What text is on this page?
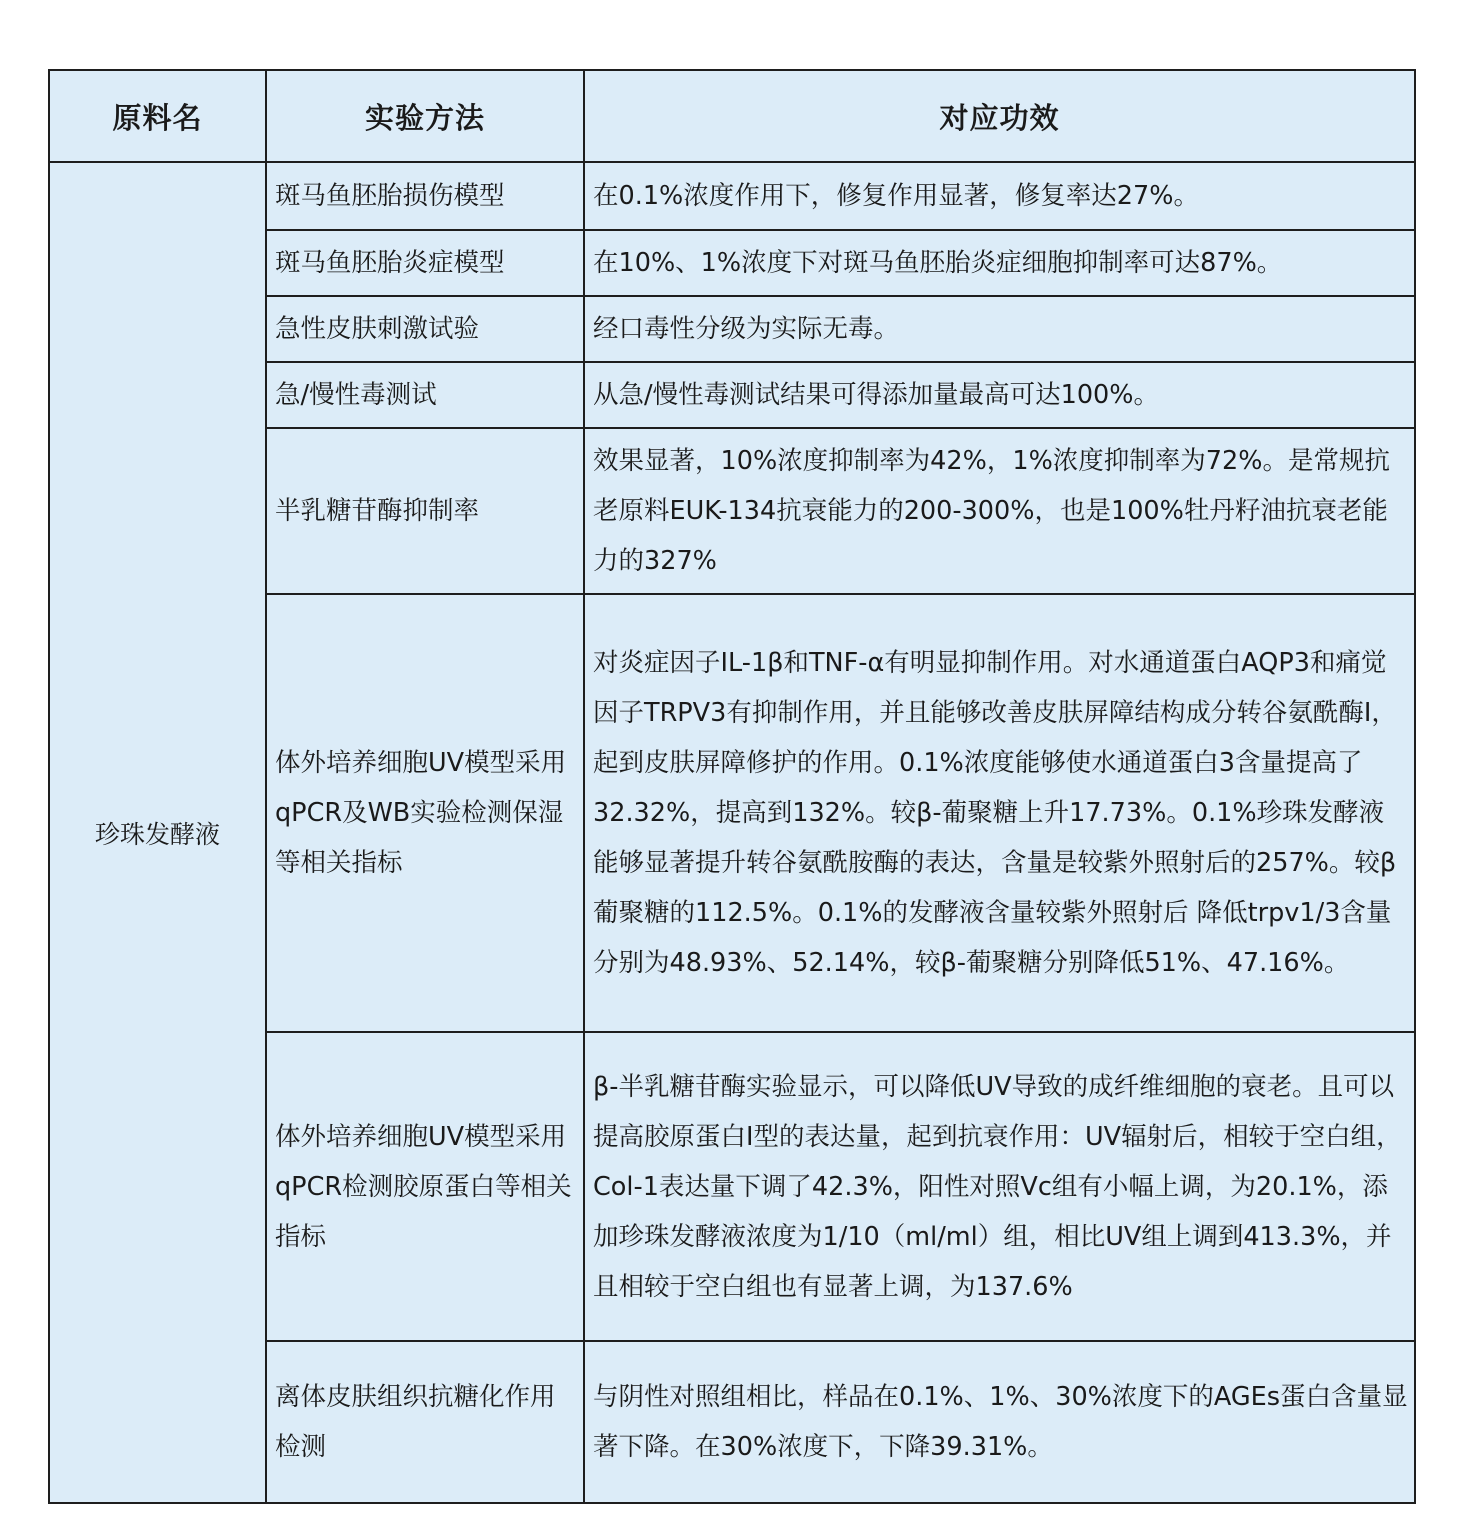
原料名	实验方法	对应功效
珍珠发酵液	斑马鱼胚胎损伤模型	在0.1%浓度作用下，修复作用显著，修复率达27%。
	斑马鱼胚胎炎症模型	在10%、1%浓度下对斑马鱼胚胎炎症细胞抑制率可达87%。
	急性皮肤刺激试验	经口毒性分级为实际无毒。
	急/慢性毒测试	从急/慢性毒测试结果可得添加量最高可达100%。
	半乳糖苷酶抑制率	效果显著，10%浓度抑制率为42%，1%浓度抑制率为72%。是常规抗老原料EUK-134抗衰能力的200-300%，也是100%牡丹籽油抗衰老能力的327%
	体外培养细胞UV模型采用qPCR及WB实验检测保湿等相关指标	对炎症因子IL-1β和TNF-α有明显抑制作用。对水通道蛋白AQP3和痛觉因子TRPV3有抑制作用，并且能够改善皮肤屏障结构成分转谷氨酰酶I，起到皮肤屏障修护的作用。0.1%浓度能够使水通道蛋白3含量提高了32.32%，提高到132%。较β-葡聚糖上升17.73%。0.1%珍珠发酵液能够显著提升转谷氨酰胺酶的表达，含量是较紫外照射后的257%。较β葡聚糖的112.5%。0.1%的发酵液含量较紫外照射后 降低trpv1/3含量分别为48.93%、52.14%，较β-葡聚糖分别降低51%、47.16%。
	体外培养细胞UV模型采用qPCR检测胶原蛋白等相关指标	β-半乳糖苷酶实验显示，可以降低UV导致的成纤维细胞的衰老。且可以提高胶原蛋白I型的表达量，起到抗衰作用：UV辐射后，相较于空白组，Col-1表达量下调了42.3%，阳性对照Vc组有小幅上调，为20.1%，添加珍珠发酵液浓度为1/10（ml/ml）组，相比UV组上调到413.3%，并且相较于空白组也有显著上调，为137.6%
	离体皮肤组织抗糖化作用检测	与阴性对照组相比，样品在0.1%、1%、30%浓度下的AGEs蛋白含量显著下降。在30%浓度下，下降39.31%。
